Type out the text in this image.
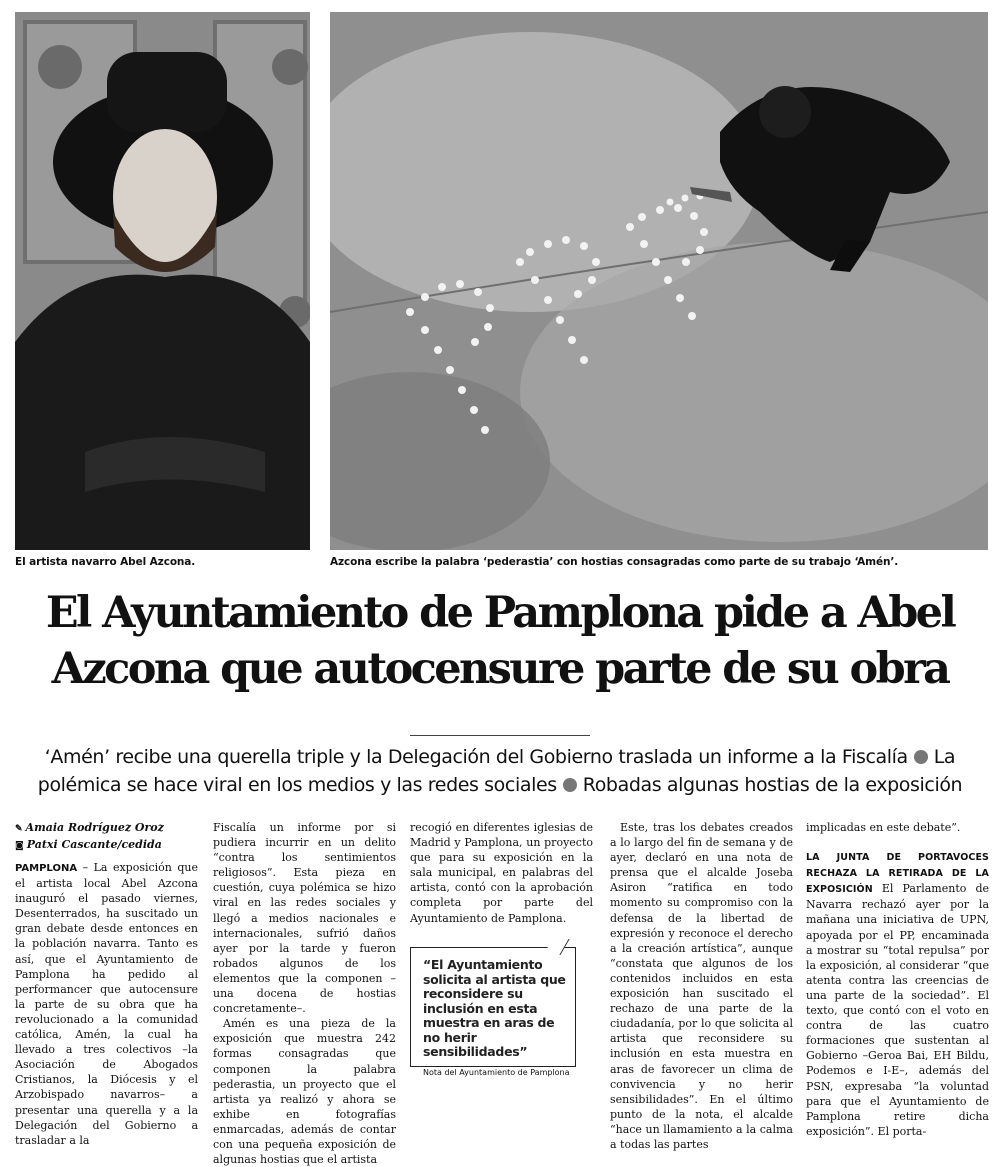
El artista navarro Abel Azcona.	Azcona escribe la palabra ‘pederastia’ con hostias consagradas como parte de su trabajo ‘Amén’.
El Ayuntamiento de Pamplona pide a Abel
Azcona que autocensure parte de su obra
‘Amén’ recibe una querella triple y la Delegación del Gobierno traslada un informe a la Fiscalía La
polémica se hace viral en los medios y las redes sociales Robadas algunas hostias de la exposición
✎ Amaia Rodríguez Oroz
◙ Patxi Cascante/cedida

PAMPLONA – La exposición que el artista local Abel Azcona inauguró el pasado viernes, Desenterrados, ha suscitado un gran debate desde entonces en la población navarra. Tanto es así, que el Ayuntamiento de Pamplona ha pedido al performancer que autocensure la parte de su obra que ha revolucionado a la comunidad católica, Amén, la cual ha llevado a tres colectivos –la Asociación de Abogados Cristianos, la Diócesis y el Arzobispado navarros– a presentar una querella y a la Delegación del Gobierno a trasladar a la

Fiscalía un informe por si pudiera incurrir en un delito “contra los sentimientos religiosos”. Esta pieza en cuestión, cuya polémica se hizo viral en las redes sociales y llegó a medios nacionales e internacionales, sufrió daños ayer por la tarde y fueron robados algunos de los elementos que la componen –una docena de hostias concretamente–.

Amén es una pieza de la exposición que muestra 242 formas consagradas que componen la palabra pederastia, un proyecto que el artista ya realizó y ahora se exhibe en fotografías enmarcadas, además de contar con una pequeña exposición de algunas hostias que el artista

recogió en diferentes iglesias de Madrid y Pamplona, un proyecto que para su exposición en la sala municipal, en palabras del artista, contó con la aprobación completa por parte del Ayuntamiento de Pamplona.

“El Ayuntamiento solicita al artista que reconsidere su inclusión en esta muestra en aras de no herir sensibilidades”
Nota del Ayuntamiento de Pamplona

Este, tras los debates creados a lo largo del fin de semana y de ayer, declaró en una nota de prensa que el alcalde Joseba Asiron “ratifica en todo momento su compromiso con la defensa de la libertad de expresión y reconoce el derecho a la creación artística”, aunque “constata que algunos de los contenidos incluidos en esta exposición han suscitado el rechazo de una parte de la ciudadanía, por lo que solicita al artista que reconsidere su inclusión en esta muestra en aras de favorecer un clima de convivencia y no herir sensibilidades”. En el último punto de la nota, el alcalde “hace un llamamiento a la calma a todas las partes

implicadas en este debate”.

LA JUNTA DE PORTAVOCES RECHAZA LA RETIRADA DE LA EXPOSICIÓN El Parlamento de Navarra rechazó ayer por la mañana una iniciativa de UPN, apoyada por el PP, encaminada a mostrar su “total repulsa” por la exposición, al considerar “que atenta contra las creencias de una parte de la sociedad”. El texto, que contó con el voto en contra de las cuatro formaciones que sustentan al Gobierno –Geroa Bai, EH Bildu, Podemos e I-E–, además del PSN, expresaba “la voluntad para que el Ayuntamiento de Pamplona retire dicha exposición”. El porta-
